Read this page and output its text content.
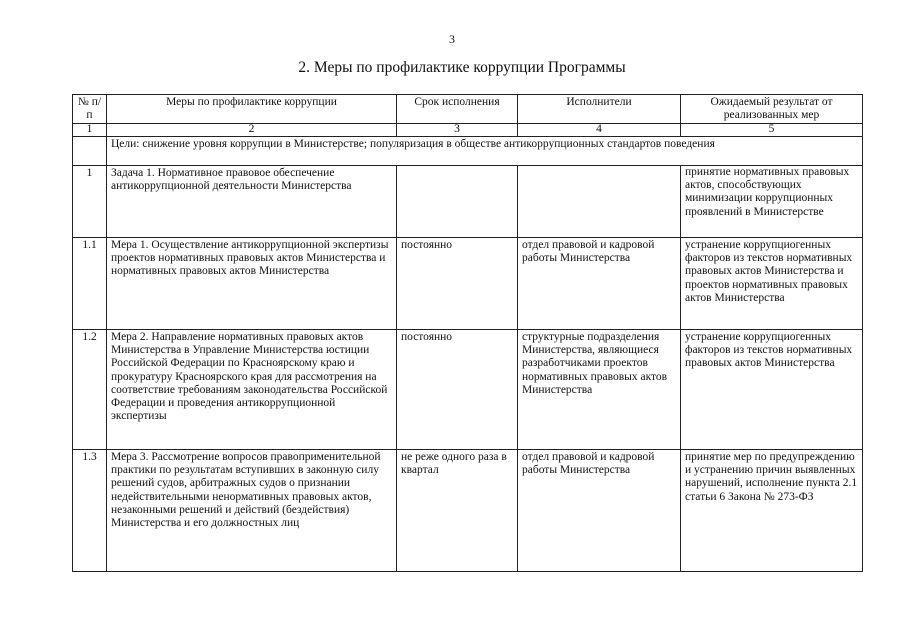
3
2. Меры по профилактике коррупции Программы
№ п/п	Меры по профилактике коррупции	Срок исполнения	Исполнители	Ожидаемый результат от реализованных мер
1	2	3	4	5
	Цели: снижение уровня коррупции в Министерстве; популяризация в обществе антикоррупционных стандартов поведения			
1	Задача 1. Нормативное правовое обеспечение антикоррупционной деятельности Министерства			принятие нормативных правовых актов, способствующих минимизации коррупционных проявлений в Министерстве
1.1	Мера 1. Осуществление антикоррупционной экспертизы проектов нормативных правовых актов Министерства и нормативных правовых актов Министерства	постоянно	отдел правовой и кадровой работы Министерства	устранение коррупциогенных факторов из текстов нормативных правовых актов Министерства и проектов нормативных правовых актов Министерства
1.2	Мера 2. Направление нормативных правовых актов Министерства в Управление Министерства юстиции Российской Федерации по Красноярскому краю и прокуратуру Красноярского края для рассмотрения на соответствие требованиям законодательства Российской Федерации и проведения антикоррупционной экспертизы	постоянно	структурные подразделения Министерства, являющиеся разработчиками проектов нормативных правовых актов Министерства	устранение коррупциогенных факторов из текстов нормативных правовых актов Министерства
1.3	Мера 3. Рассмотрение вопросов правоприменительной практики по результатам вступивших в законную силу решений судов, арбитражных судов о признании недействительными ненормативных правовых актов, незаконными решений и действий (бездействия) Министерства и его должностных лиц	не реже одного раза в квартал	отдел правовой и кадровой работы Министерства	принятие мер по предупреждению и устранению причин выявленных нарушений, исполнение пункта 2.1 статьи 6 Закона № 273-ФЗ
